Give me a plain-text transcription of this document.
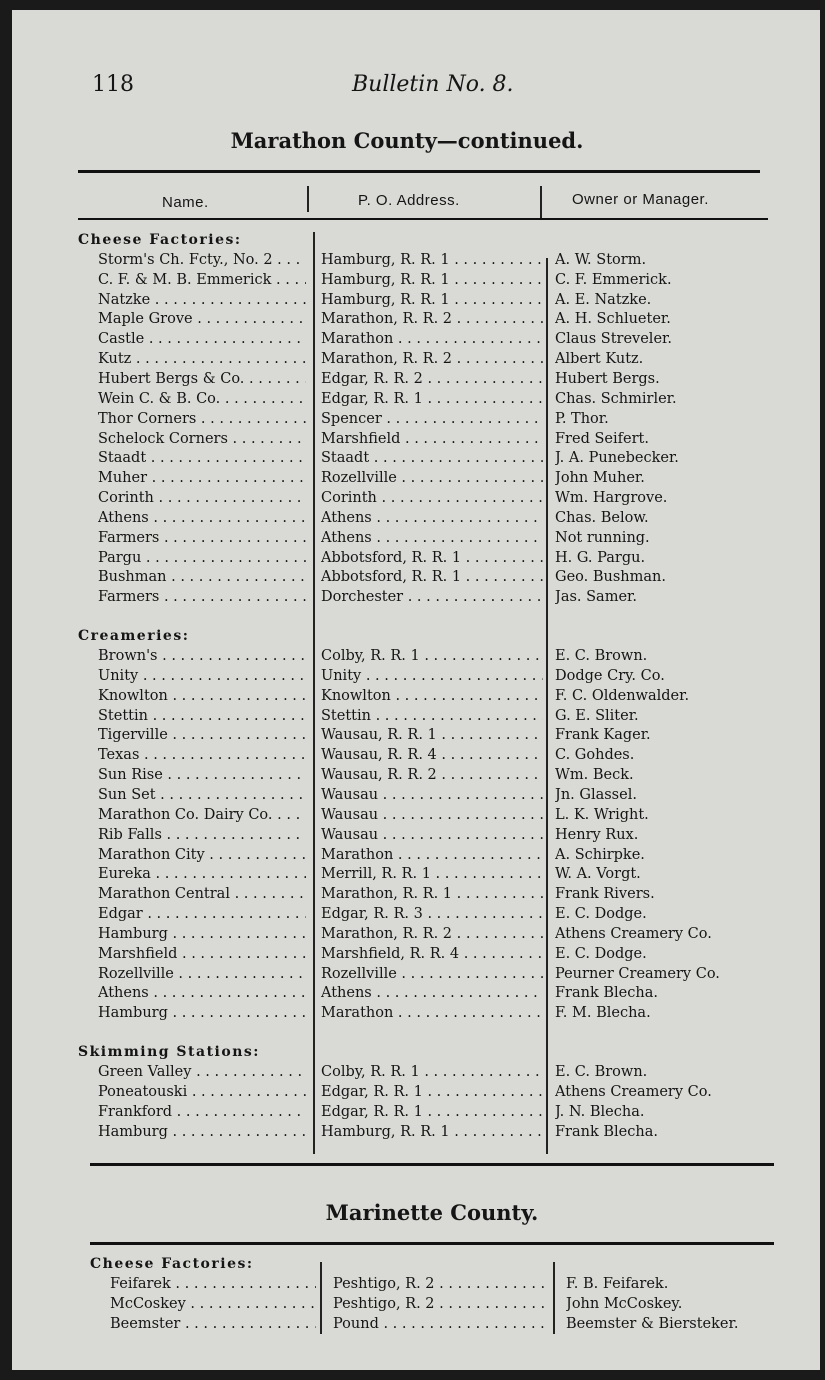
118	Bulletin No. 8.
Marathon County—continued.
Name.	P. O. Address.	Owner or Manager.
Marinette County.
Cheese Factories:
Storm's Ch. Fcty., No. 2 . . .	Hamburg, R. R. 1 . . .	A. W. Storm.
C. F. & M. B. Emmerick . . .	Hamburg, R. R. 1 . . .	C. F. Emmerick.
Natzke . . .	Hamburg, R. R. 1 . . .	A. E. Natzke.
Maple Grove . . .	Marathon, R. R. 2 . . .	A. H. Schlueter.
Castle . . .	Marathon . . .	Claus Streveler.
Kutz . . .	Marathon, R. R. 2 . . .	Albert Kutz.
Hubert Bergs & Co. . . .	Edgar, R. R. 2 . . .	Hubert Bergs.
Wein C. & B. Co. . . .	Edgar, R. R. 1 . . .	Chas. Schmirler.
Thor Corners . . .	Spencer . . .	P. Thor.
Schelock Corners . . .	Marshfield . . .	Fred Seifert.
Staadt . . .	Staadt . . .	J. A. Punebecker.
Muher . . .	Rozellville . . .	John Muher.
Corinth . . .	Corinth . . .	Wm. Hargrove.
Athens . . .	Athens . . .	Chas. Below.
Farmers . . .	Athens . . .	Not running.
Pargu . . .	Abbotsford, R. R. 1 . . .	H. G. Pargu.
Bushman . . .	Abbotsford, R. R. 1 . . .	Geo. Bushman.
Farmers . . .	Dorchester . . .	Jas. Samer.
Creameries:
Brown's . . .	Colby, R. R. 1 . . .	E. C. Brown.
Unity . . .	Unity . . .	Dodge Cry. Co.
Knowlton . . .	Knowlton . . .	F. C. Oldenwalder.
Stettin . . .	Stettin . . .	G. E. Sliter.
Tigerville . . .	Wausau, R. R. 1 . . .	Frank Kager.
Texas . . .	Wausau, R. R. 4 . . .	C. Gohdes.
Sun Rise . . .	Wausau, R. R. 2 . . .	Wm. Beck.
Sun Set . . .	Wausau . . .	Jn. Glassel.
Marathon Co. Dairy Co. . . .	Wausau . . .	L. K. Wright.
Rib Falls . . .	Wausau . . .	Henry Rux.
Marathon City . . .	Marathon . . .	A. Schirpke.
Eureka . . .	Merrill, R. R. 1 . . .	W. A. Vorgt.
Marathon Central . . .	Marathon, R. R. 1 . . .	Frank Rivers.
Edgar . . .	Edgar, R. R. 3 . . .	E. C. Dodge.
Hamburg . . .	Marathon, R. R. 2 . . .	Athens Creamery Co.
Marshfield . . .	Marshfield, R. R. 4 . . .	E. C. Dodge.
Rozellville . . .	Rozellville . . .	Peurner Creamery Co.
Athens . . .	Athens . . .	Frank Blecha.
Hamburg . . .	Marathon . . .	F. M. Blecha.
Skimming Stations:
Green Valley . . .	Colby, R. R. 1 . . .	E. C. Brown.
Poneatouski . . .	Edgar, R. R. 1 . . .	Athens Creamery Co.
Frankford . . .	Edgar, R. R. 1 . . .	J. N. Blecha.
Hamburg . . .	Hamburg, R. R. 1 . . .	Frank Blecha.
Cheese Factories:
Feifarek . . .	Peshtigo, R. 2 . . .	F. B. Feifarek.
McCoskey . . .	Peshtigo, R. 2 . . .	John McCoskey.
Beemster . . .	Pound . . .	Beemster & Biersteker.
